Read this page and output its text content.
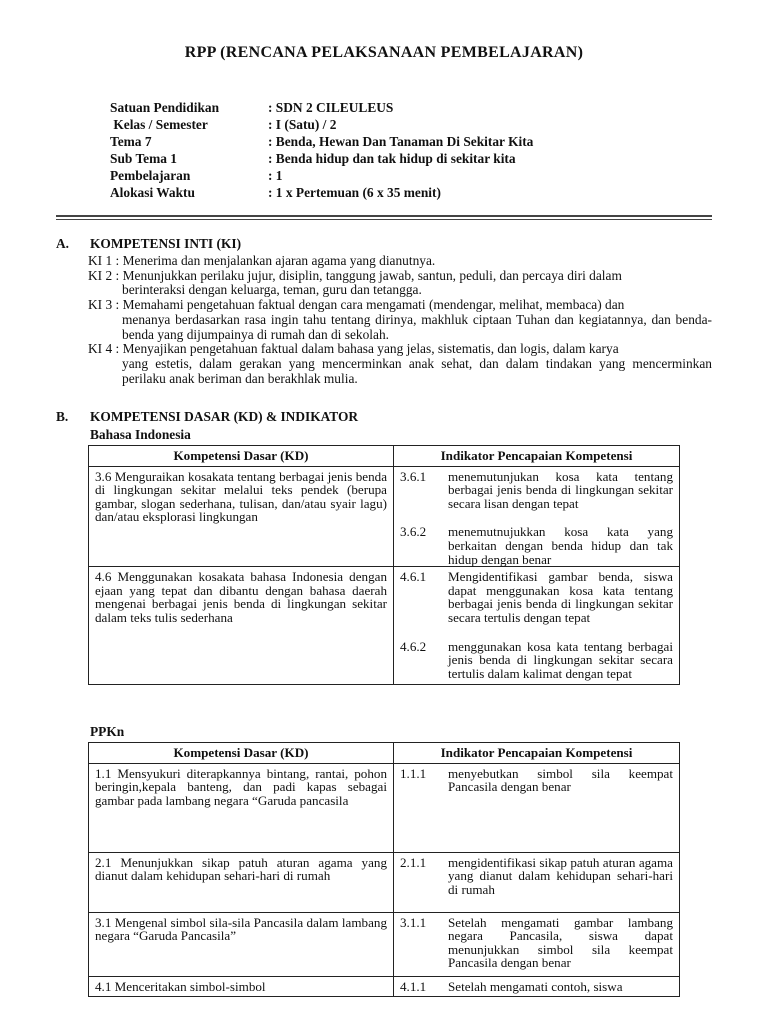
RPP (RENCANA PELAKSANAAN PEMBELAJARAN)
Satuan Pendidikan	: SDN 2 CILEULEUS
Kelas / Semester	: I (Satu) / 2
Tema 7	: Benda, Hewan Dan Tanaman Di Sekitar Kita
Sub Tema 1	: Benda hidup dan tak hidup di sekitar kita
Pembelajaran	: 1
Alokasi Waktu	: 1 x Pertemuan (6 x 35 menit)
A. KOMPETENSI INTI (KI)
KI 1 : Menerima dan menjalankan ajaran agama yang dianutnya.
KI 2 : Menunjukkan perilaku jujur, disiplin, tanggung jawab, santun, peduli, dan percaya diri dalam
berinteraksi dengan keluarga, teman, guru dan tetangga.
KI 3 : Memahami pengetahuan faktual dengan cara mengamati (mendengar, melihat, membaca) dan
menanya berdasarkan rasa ingin tahu tentang dirinya, makhluk ciptaan Tuhan dan kegiatannya, dan benda-benda yang dijumpainya di rumah dan di sekolah.
KI 4 : Menyajikan pengetahuan faktual dalam bahasa yang jelas, sistematis, dan logis, dalam karya
yang estetis, dalam gerakan yang mencerminkan anak sehat, dan dalam tindakan yang mencerminkan perilaku anak beriman dan berakhlak mulia.
B. KOMPETENSI DASAR (KD) & INDIKATOR
Bahasa Indonesia
Kompetensi Dasar (KD)	Indikator Pencapaian Kompetensi
3.6 Menguraikan kosakata tentang berbagai jenis benda di lingkungan sekitar melalui teks pendek (berupa gambar, slogan sederhana, tulisan, dan/atau syair lagu) dan/atau eksplorasi lingkungan	3.6.1 menemutunjukan kosa kata tentang berbagai jenis benda di lingkungan sekitar secara lisan dengan tepat
3.6.2 menemutnujukkan kosa kata yang berkaitan dengan benda hidup dan tak hidup dengan benar

4.6 Menggunakan kosakata bahasa Indonesia dengan ejaan yang tepat dan dibantu dengan bahasa daerah mengenai berbagai jenis benda di lingkungan sekitar dalam teks tulis sederhana	4.6.1 Mengidentifikasi gambar benda, siswa dapat menggunakan kosa kata tentang berbagai jenis benda di lingkungan sekitar secara tertulis dengan tepat
4.6.2 menggunakan kosa kata tentang berbagai jenis benda di lingkungan sekitar secara tertulis dalam kalimat dengan tepat
PPKn
Kompetensi Dasar (KD)	Indikator Pencapaian Kompetensi
1.1 Mensyukuri diterapkannya bintang, rantai, pohon beringin,kepala banteng, dan padi kapas sebagai gambar pada lambang negara “Garuda pancasila	1.1.1 menyebutkan simbol sila keempat Pancasila dengan benar

2.1 Menunjukkan sikap patuh aturan agama yang dianut dalam kehidupan sehari-hari di rumah	2.1.1 mengidentifikasi sikap patuh aturan agama yang dianut dalam kehidupan sehari-hari di rumah

3.1 Mengenal simbol sila-sila Pancasila dalam lambang negara “Garuda Pancasila”	3.1.1 Setelah mengamati gambar lambang negara Pancasila, siswa dapat menunjukkan simbol sila keempat Pancasila dengan benar

4.1 Menceritakan simbol-simbol	4.1.1 Setelah mengamati contoh, siswa
